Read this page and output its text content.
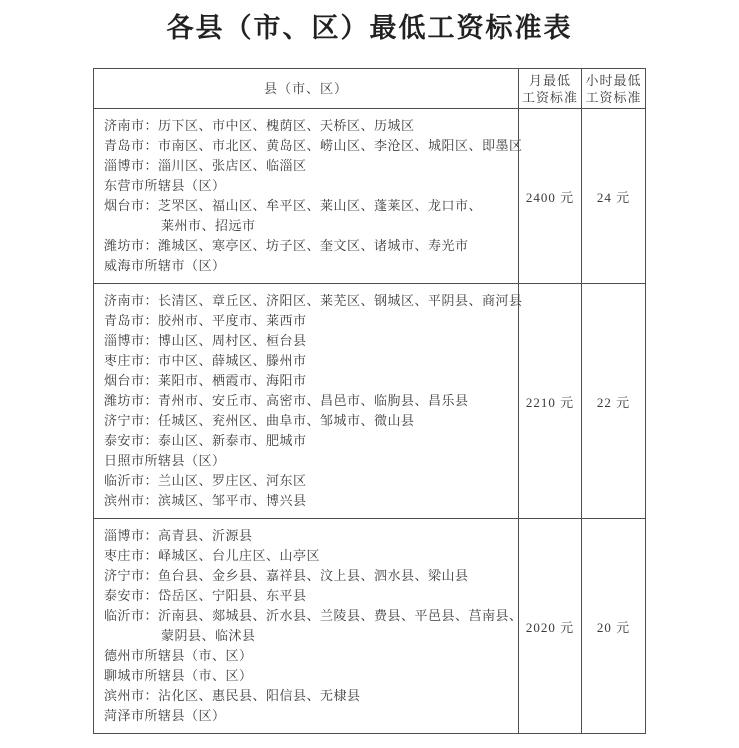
各县（市、区）最低工资标准表
县（市、区）	
月最低
工资标准

小时最低
工资标准

济南市：历下区、市中区、槐荫区、天桥区、历城区
青岛市：市南区、市北区、黄岛区、崂山区、李沧区、城阳区、即墨区
淄博市：淄川区、张店区、临淄区
东营市所辖县（区）
烟台市：芝罘区、福山区、牟平区、莱山区、蓬莱区、龙口市、
莱州市、招远市
潍坊市：潍城区、寒亭区、坊子区、奎文区、诸城市、寿光市
威海市所辖市（区）
	2400 元	24 元

济南市：长清区、章丘区、济阳区、莱芜区、钢城区、平阴县、商河县
青岛市：胶州市、平度市、莱西市
淄博市：博山区、周村区、桓台县
枣庄市：市中区、薛城区、滕州市
烟台市：莱阳市、栖霞市、海阳市
潍坊市：青州市、安丘市、高密市、昌邑市、临朐县、昌乐县
济宁市：任城区、兖州区、曲阜市、邹城市、微山县
泰安市：泰山区、新泰市、肥城市
日照市所辖县（区）
临沂市：兰山区、罗庄区、河东区
滨州市：滨城区、邹平市、博兴县
	2210 元	22 元

淄博市：高青县、沂源县
枣庄市：峄城区、台儿庄区、山亭区
济宁市：鱼台县、金乡县、嘉祥县、汶上县、泗水县、梁山县
泰安市：岱岳区、宁阳县、东平县
临沂市：沂南县、郯城县、沂水县、兰陵县、费县、平邑县、莒南县、
蒙阴县、临沭县
德州市所辖县（市、区）
聊城市所辖县（市、区）
滨州市：沾化区、惠民县、阳信县、无棣县
菏泽市所辖县（区）
	2020 元	20 元
